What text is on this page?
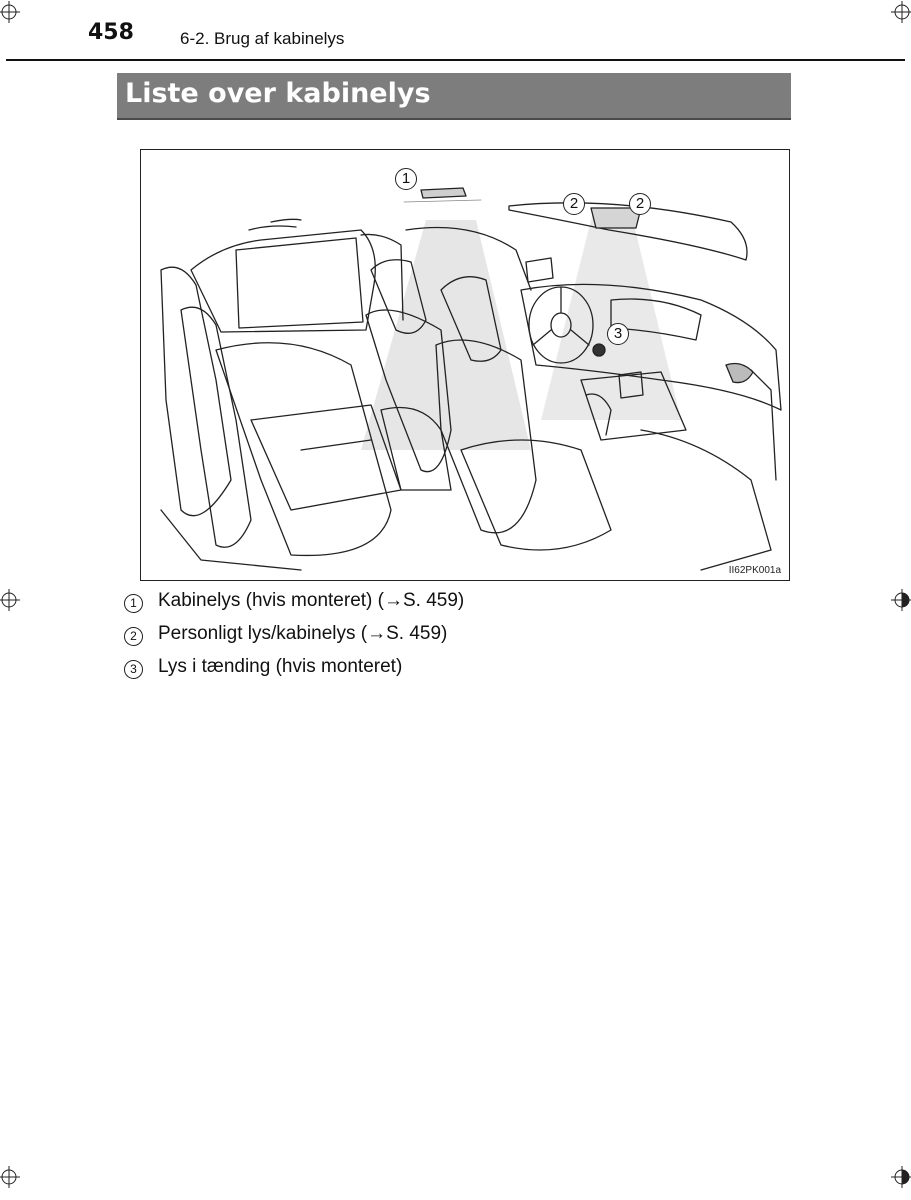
458	6-2. Brug af kabinelys
Liste over kabinelys
1
2	2
3
II62PK001a
1	Kabinelys (hvis monteret) (→S. 459)
2	Personligt lys/kabinelys (→S. 459)
3	Lys i tænding (hvis monteret)
